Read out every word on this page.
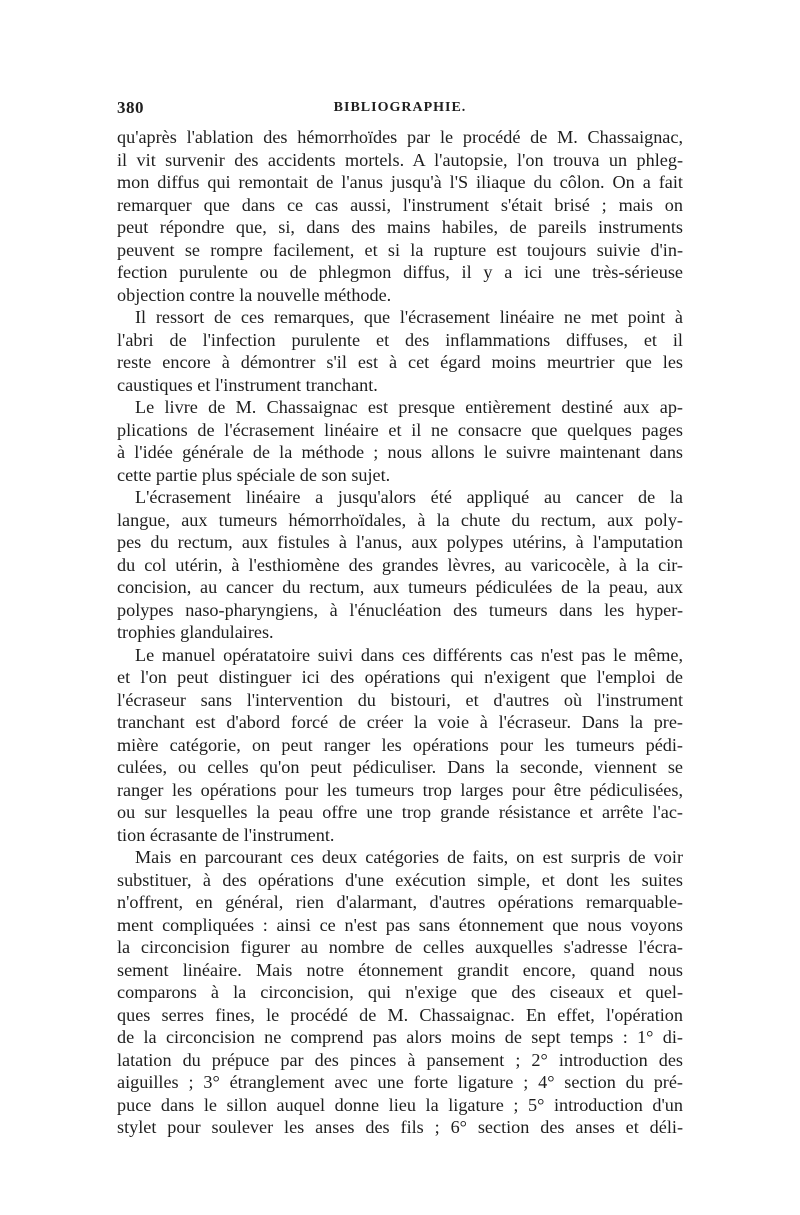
380	BIBLIOGRAPHIE.
qu'après l'ablation des hémorrhoïdes par le procédé de M. Chassaignac,
il vit survenir des accidents mortels. A l'autopsie, l'on trouva un phleg-
mon diffus qui remontait de l'anus jusqu'à l'S iliaque du côlon. On a fait
remarquer que dans ce cas aussi, l'instrument s'était brisé ; mais on
peut répondre que, si, dans des mains habiles, de pareils instruments
peuvent se rompre facilement, et si la rupture est toujours suivie d'in-
fection purulente ou de phlegmon diffus, il y a ici une très-sérieuse
objection contre la nouvelle méthode.
Il ressort de ces remarques, que l'écrasement linéaire ne met point à
l'abri de l'infection purulente et des inflammations diffuses, et il
reste encore à démontrer s'il est à cet égard moins meurtrier que les
caustiques et l'instrument tranchant.
Le livre de M. Chassaignac est presque entièrement destiné aux ap-
plications de l'écrasement linéaire et il ne consacre que quelques pages
à l'idée générale de la méthode ; nous allons le suivre maintenant dans
cette partie plus spéciale de son sujet.
L'écrasement linéaire a jusqu'alors été appliqué au cancer de la
langue, aux tumeurs hémorrhoïdales, à la chute du rectum, aux poly-
pes du rectum, aux fistules à l'anus, aux polypes utérins, à l'amputation
du col utérin, à l'esthiomène des grandes lèvres, au varicocèle, à la cir-
concision, au cancer du rectum, aux tumeurs pédiculées de la peau, aux
polypes naso-pharyngiens, à l'énucléation des tumeurs dans les hyper-
trophies glandulaires.
Le manuel opératatoire suivi dans ces différents cas n'est pas le même,
et l'on peut distinguer ici des opérations qui n'exigent que l'emploi de
l'écraseur sans l'intervention du bistouri, et d'autres où l'instrument
tranchant est d'abord forcé de créer la voie à l'écraseur. Dans la pre-
mière catégorie, on peut ranger les opérations pour les tumeurs pédi-
culées, ou celles qu'on peut pédiculiser. Dans la seconde, viennent se
ranger les opérations pour les tumeurs trop larges pour être pédiculisées,
ou sur lesquelles la peau offre une trop grande résistance et arrête l'ac-
tion écrasante de l'instrument.
Mais en parcourant ces deux catégories de faits, on est surpris de voir
substituer, à des opérations d'une exécution simple, et dont les suites
n'offrent, en général, rien d'alarmant, d'autres opérations remarquable-
ment compliquées : ainsi ce n'est pas sans étonnement que nous voyons
la circoncision figurer au nombre de celles auxquelles s'adresse l'écra-
sement linéaire. Mais notre étonnement grandit encore, quand nous
comparons à la circoncision, qui n'exige que des ciseaux et quel-
ques serres fines, le procédé de M. Chassaignac. En effet, l'opération
de la circoncision ne comprend pas alors moins de sept temps : 1° di-
latation du prépuce par des pinces à pansement ; 2° introduction des
aiguilles ; 3° étranglement avec une forte ligature ; 4° section du pré-
puce dans le sillon auquel donne lieu la ligature ; 5° introduction d'un
stylet pour soulever les anses des fils ; 6° section des anses et déli-
